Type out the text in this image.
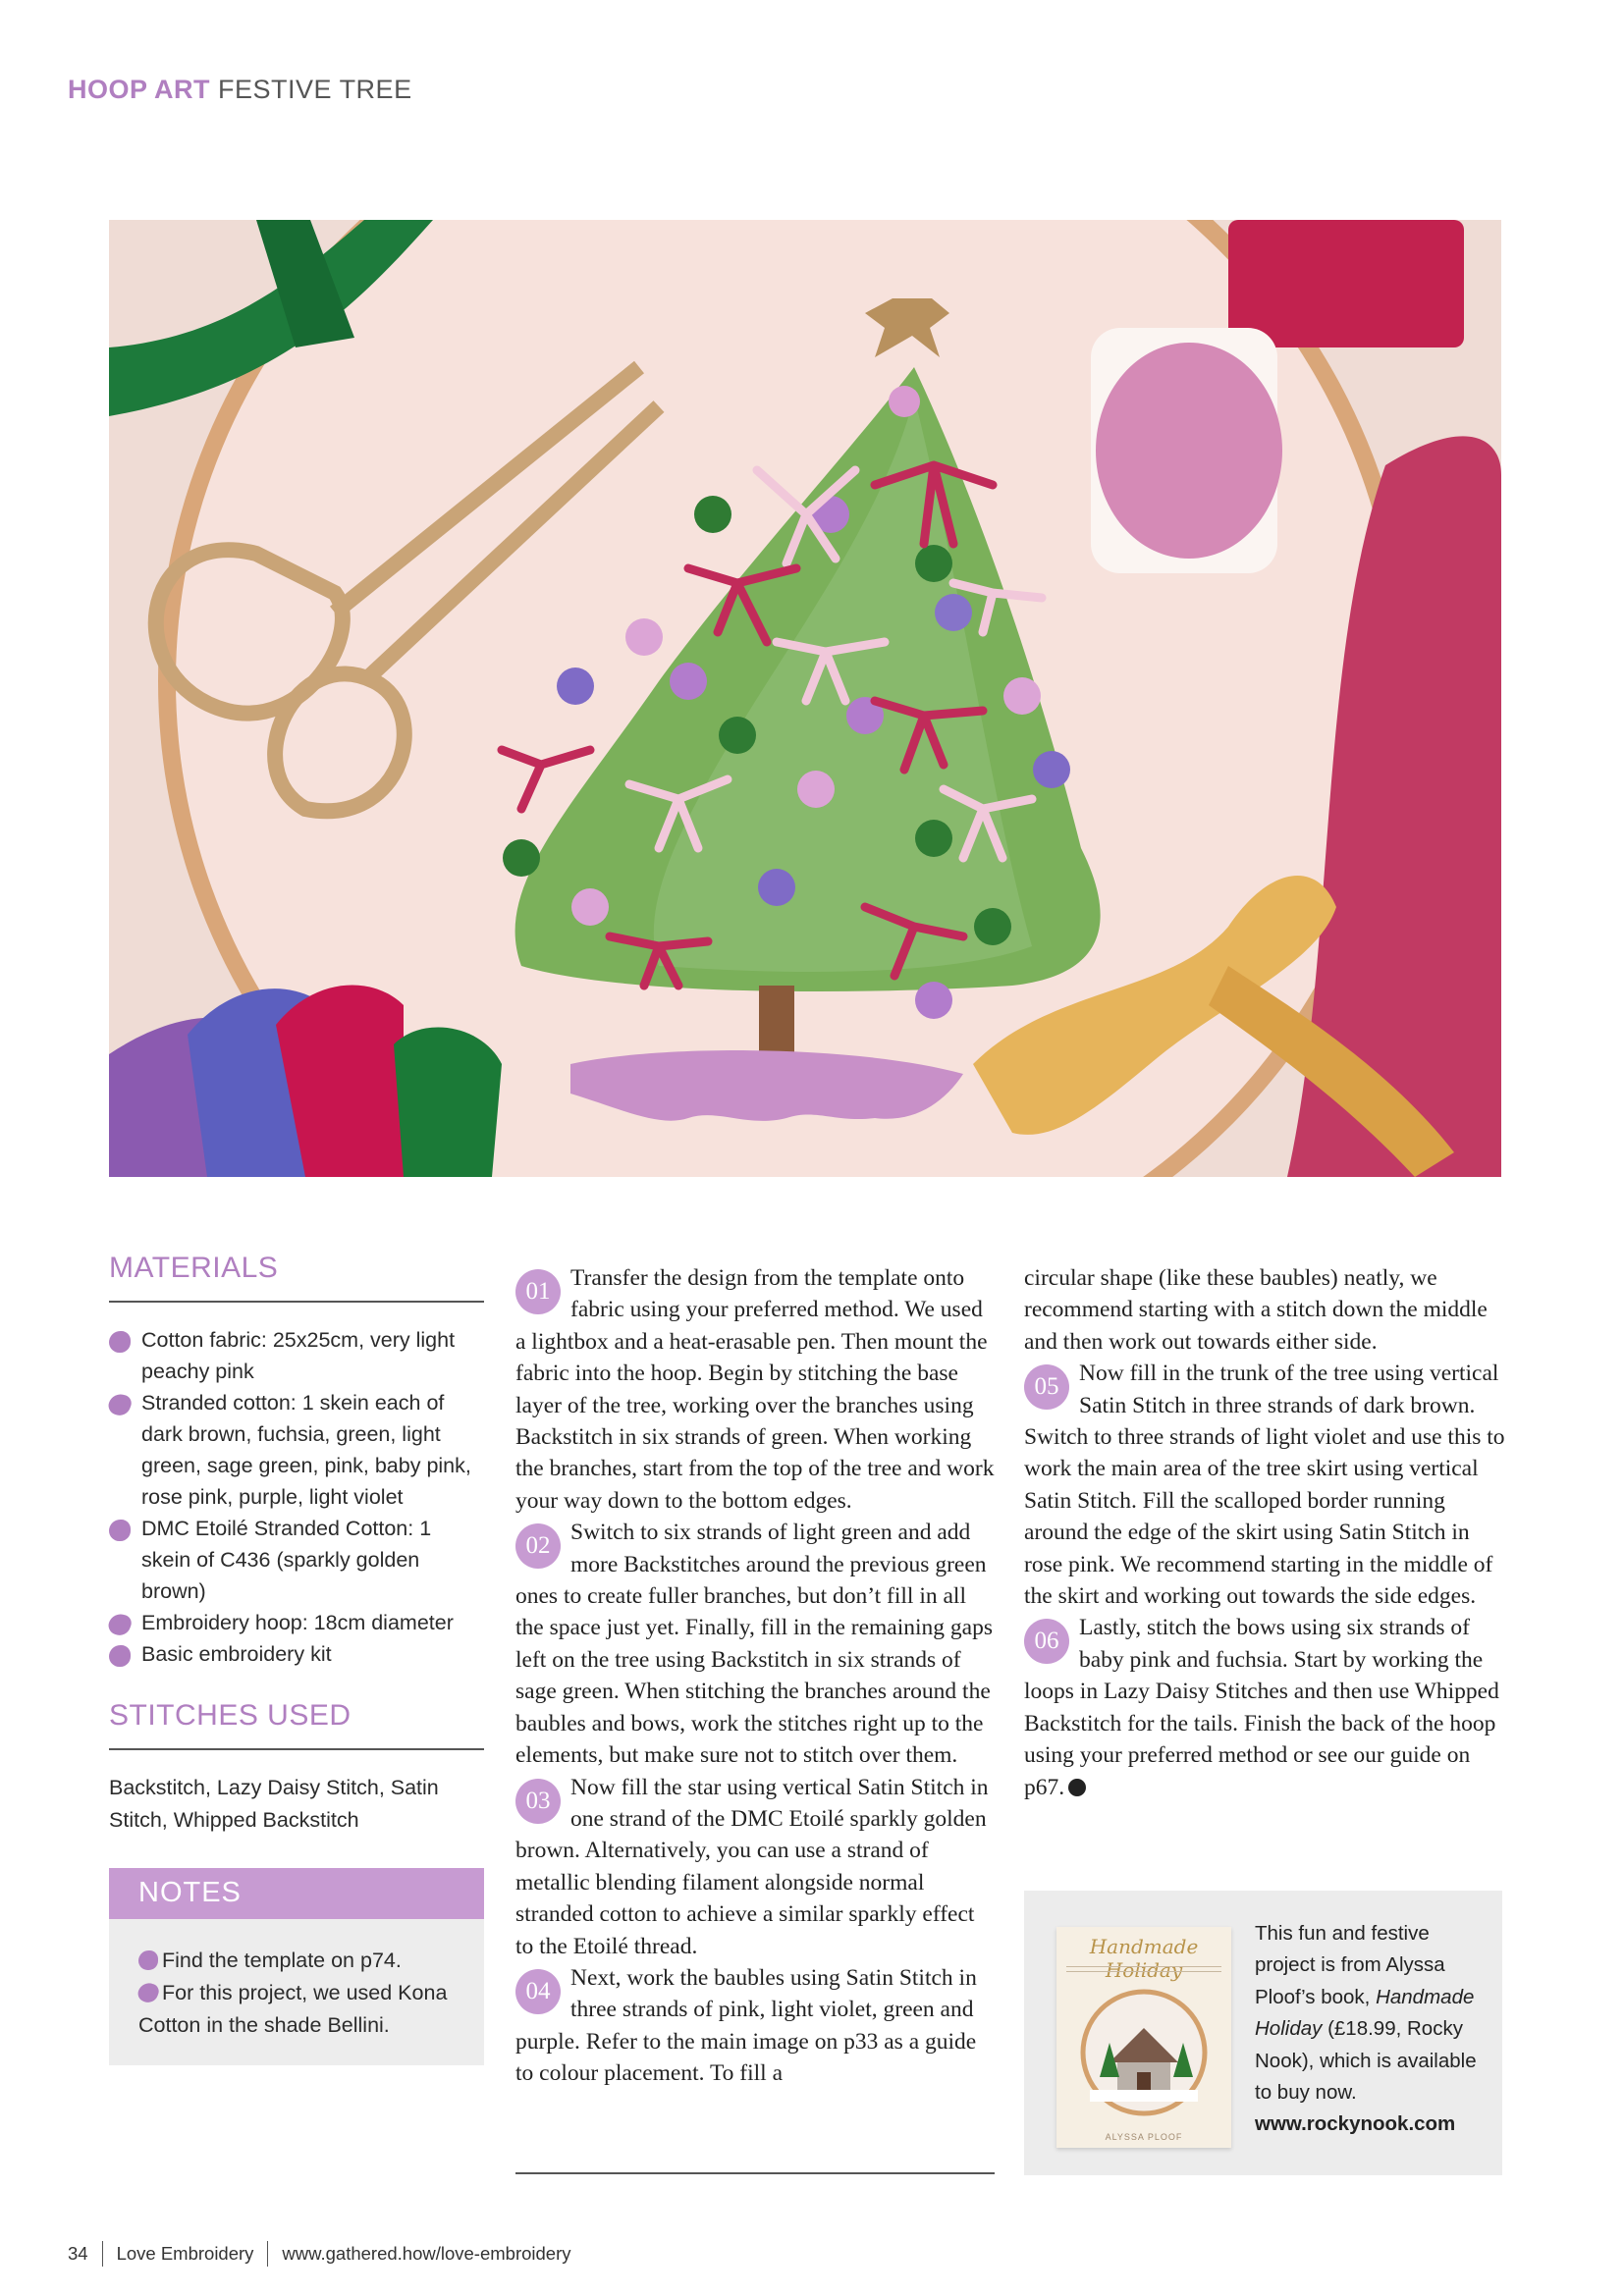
HOOP ART FESTIVE TREE
MATERIALS
Cotton fabric: 25x25cm, very light peachy pink
Stranded cotton: 1 skein each of dark brown, fuchsia, green, light green, sage green, pink, baby pink, rose pink, purple, light violet
DMC Etoilé Stranded Cotton: 1 skein of C436 (sparkly golden brown)
Embroidery hoop: 18cm diameter
Basic embroidery kit
STITCHES USED
Backstitch, Lazy Daisy Stitch, Satin Stitch, Whipped Backstitch
NOTES
Find the template on p74.
For this project, we used Kona Cotton in the shade Bellini.

01 Transfer the design from the template onto fabric using your preferred method. We used a lightbox and a heat-erasable pen. Then mount the fabric into the hoop. Begin by stitching the base layer of the tree, working over the branches using Backstitch in six strands of green. When working the branches, start from the top of the tree and work your way down to the bottom edges.

02 Switch to six strands of light green and add more Backstitches around the previous green ones to create fuller branches, but don’t fill in all the space just yet. Finally, fill in the remaining gaps left on the tree using Backstitch in six strands of sage green. When stitching the branches around the baubles and bows, work the stitches right up to the elements, but make sure not to stitch over them.

03 Now fill the star using vertical Satin Stitch in one strand of the DMC Etoilé sparkly golden brown. Alternatively, you can use a strand of metallic blending filament alongside normal stranded cotton to achieve a similar sparkly effect to the Etoilé thread.

04 Next, work the baubles using Satin Stitch in three strands of pink, light violet, green and purple. Refer to the main image on p33 as a guide to colour placement. To fill a

circular shape (like these baubles) neatly, we recommend starting with a stitch down the middle and then work out towards either side.

05 Now fill in the trunk of the tree using vertical Satin Stitch in three strands of dark brown. Switch to three strands of light violet and use this to work the main area of the tree skirt using vertical Satin Stitch. Fill the scalloped border running around the edge of the skirt using Satin Stitch in rose pink. We recommend starting in the middle of the skirt and working out towards the side edges.

06 Lastly, stitch the bows using six strands of baby pink and fuchsia. Start by working the loops in Lazy Daisy Stitches and then use Whipped Backstitch for the tails. Finish the back of the hoop using your preferred method or see our guide on p67.

Handmade Holiday
ALYSSA PLOOF
This fun and festive project is from Alyssa Ploof’s book, Handmade Holiday (£18.99, Rocky Nook), which is available to buy now.
www.rockynook.com
34 Love Embroidery www.gathered.how/love-embroidery
